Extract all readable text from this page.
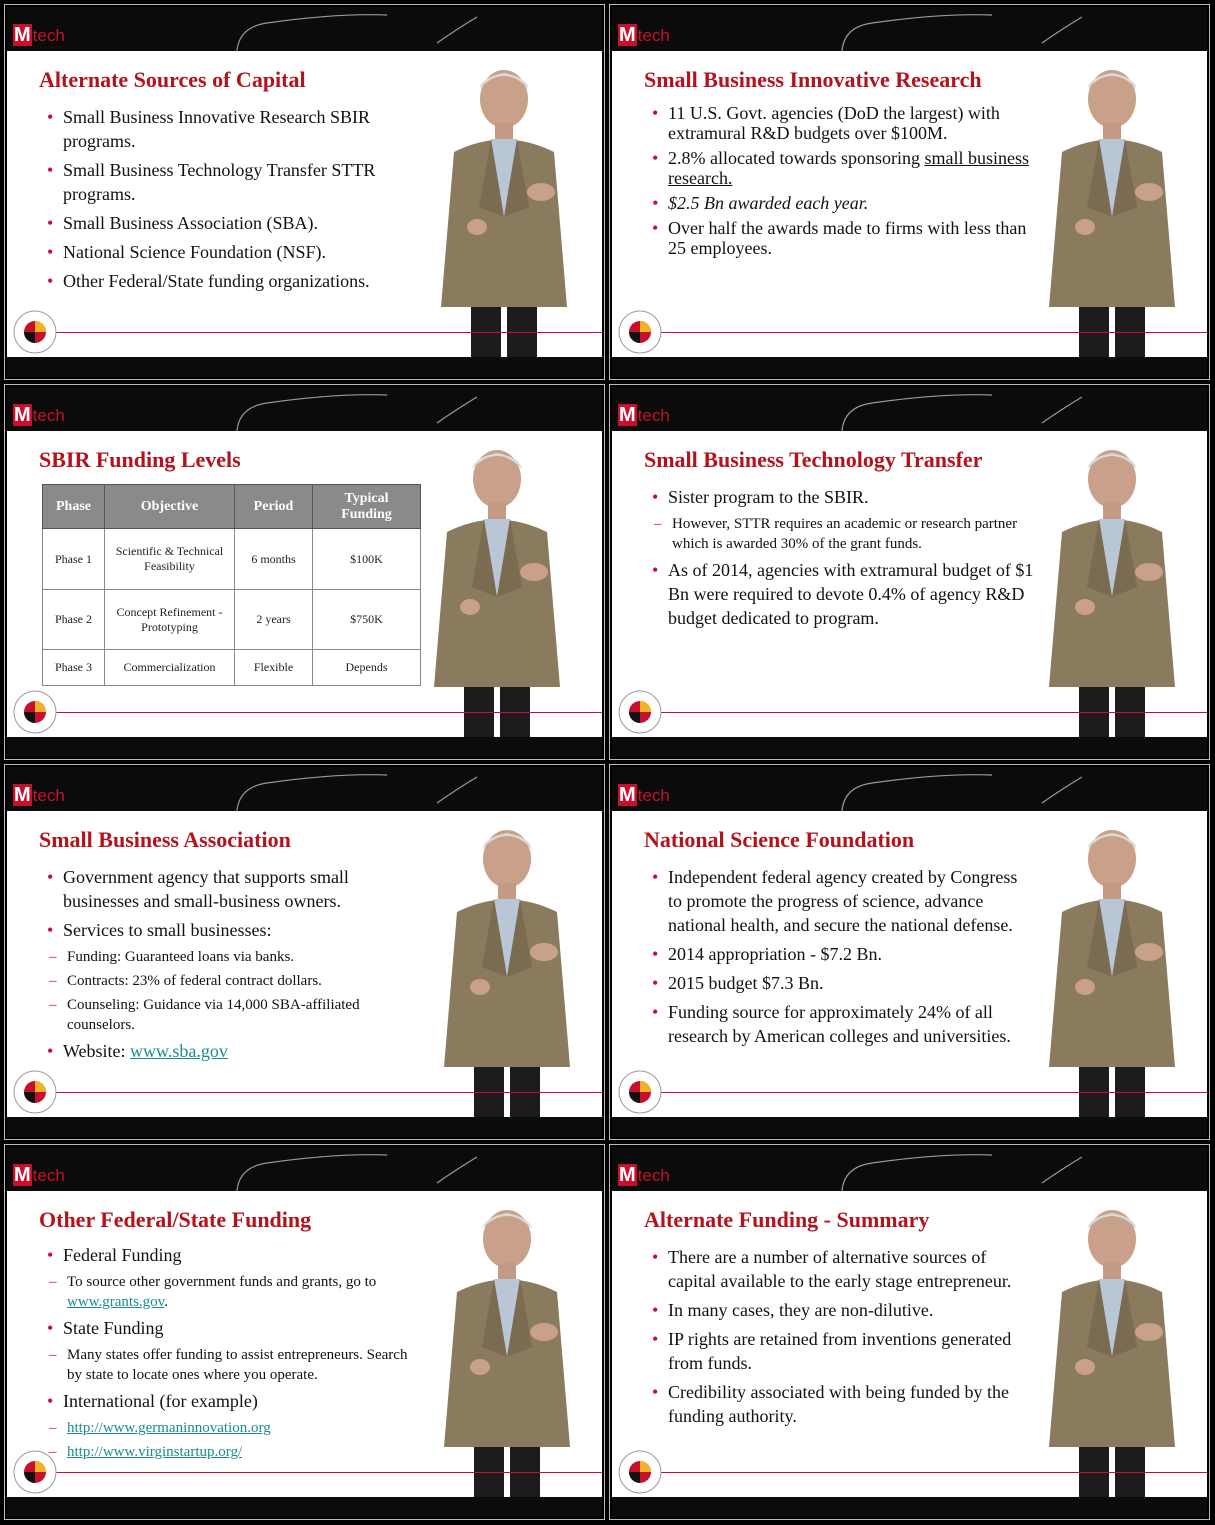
M tech
Alternate Sources of Capital
• Small Business Innovative Research SBIR programs.
• Small Business Technology Transfer STTR programs.
• Small Business Association (SBA).
• National Science Foundation (NSF).
• Other Federal/State funding organizations.
M tech
Small Business Innovative Research
• 11 U.S. Govt. agencies (DoD the largest) with extramural R&D budgets over $100M.
• 2.8% allocated towards sponsoring small business research.
• $2.5 Bn awarded each year.
• Over half the awards made to firms with less than 25 employees.
M tech
SBIR Funding Levels
Phase	Objective	Period	Typical Funding
Phase 1	Scientific & Technical Feasibility	6 months	$100K
Phase 2	Concept Refinement - Prototyping	2 years	$750K
Phase 3	Commercialization	Flexible	Depends
M tech
Small Business Technology Transfer
• Sister program to the SBIR.
– However, STTR requires an academic or research partner which is awarded 30% of the grant funds.
• As of 2014, agencies with extramural budget of $1 Bn were required to devote 0.4% of agency R&D budget dedicated to program.
M tech
Small Business Association
• Government agency that supports small businesses and small-business owners.
• Services to small businesses:
– Funding: Guaranteed loans via banks.
– Contracts: 23% of federal contract dollars.
– Counseling: Guidance via 14,000 SBA-affiliated counselors.
• Website: www.sba.gov
M tech
National Science Foundation
• Independent federal agency created by Congress to promote the progress of science, advance national health, and secure the national defense.
• 2014 appropriation - $7.2 Bn.
• 2015 budget $7.3 Bn.
• Funding source for approximately 24% of all research by American colleges and universities.
M tech
Other Federal/State Funding
• Federal Funding
– To source other government funds and grants, go to www.grants.gov.
• State Funding
– Many states offer funding to assist entrepreneurs. Search by state to locate ones where you operate.
• International (for example)
– http://www.germaninnovation.org
– http://www.virginstartup.org/
M tech
Alternate Funding - Summary
• There are a number of alternative sources of capital available to the early stage entrepreneur.
• In many cases, they are non-dilutive.
• IP rights are retained from inventions generated from funds.
• Credibility associated with being funded by the funding authority.
